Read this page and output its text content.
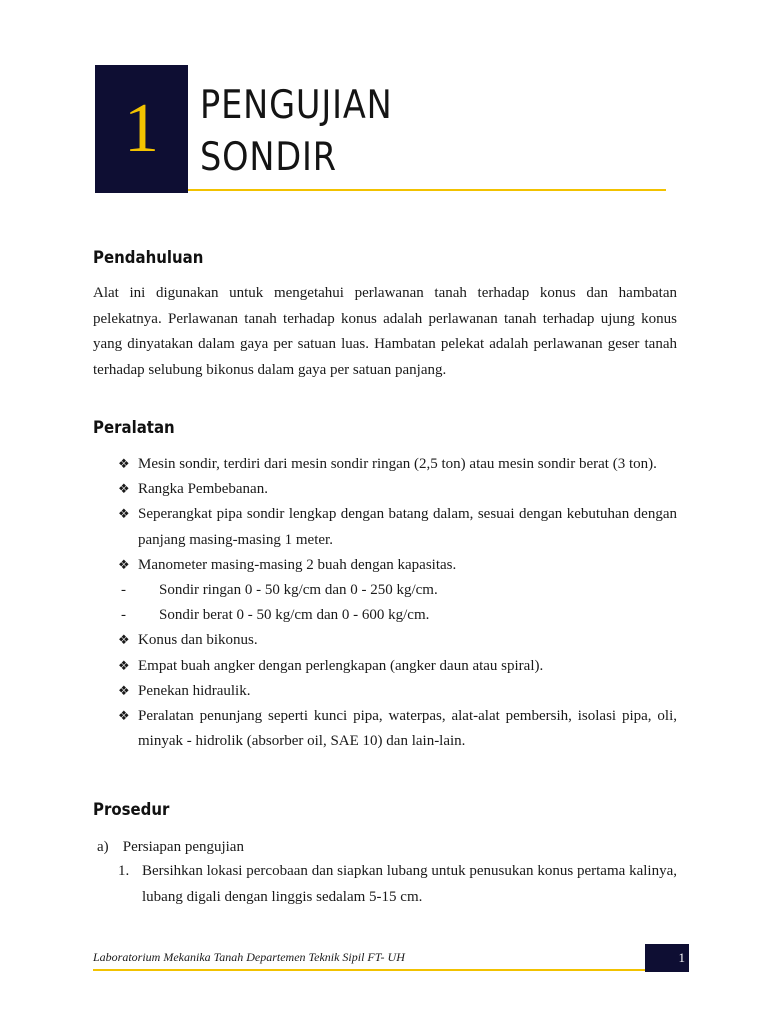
1	PENGUJIAN
SONDIR
Pendahuluan
Alat ini digunakan untuk mengetahui perlawanan tanah terhadap konus dan hambatan pelekatnya. Perlawanan tanah terhadap konus adalah perlawanan tanah terhadap ujung konus yang dinyatakan dalam gaya per satuan luas. Hambatan pelekat adalah perlawanan geser tanah terhadap selubung bikonus dalam gaya per satuan panjang.
Peralatan
❖ Mesin sondir, terdiri dari mesin sondir ringan (2,5 ton) atau mesin sondir berat (3 ton).
❖ Rangka Pembebanan.
❖ Seperangkat pipa sondir lengkap dengan batang dalam, sesuai dengan kebutuhan dengan panjang masing-masing 1 meter.
❖ Manometer masing-masing 2 buah dengan kapasitas.
-	Sondir ringan 0 - 50 kg/cm dan 0 - 250 kg/cm.
-	Sondir berat 0 - 50 kg/cm dan 0 - 600 kg/cm.
❖ Konus dan bikonus.
❖ Empat buah angker dengan perlengkapan (angker daun atau spiral).
❖ Penekan hidraulik.
❖ Peralatan penunjang seperti kunci pipa, waterpas, alat-alat pembersih, isolasi pipa, oli, minyak - hidrolik (absorber oil, SAE 10) dan lain-lain.
Prosedur
a) Persiapan pengujian
1. Bersihkan lokasi percobaan dan siapkan lubang untuk penusukan konus pertama kalinya, lubang digali dengan linggis sedalam 5-15 cm.
Laboratorium Mekanika Tanah Departemen Teknik Sipil FT- UH	1
